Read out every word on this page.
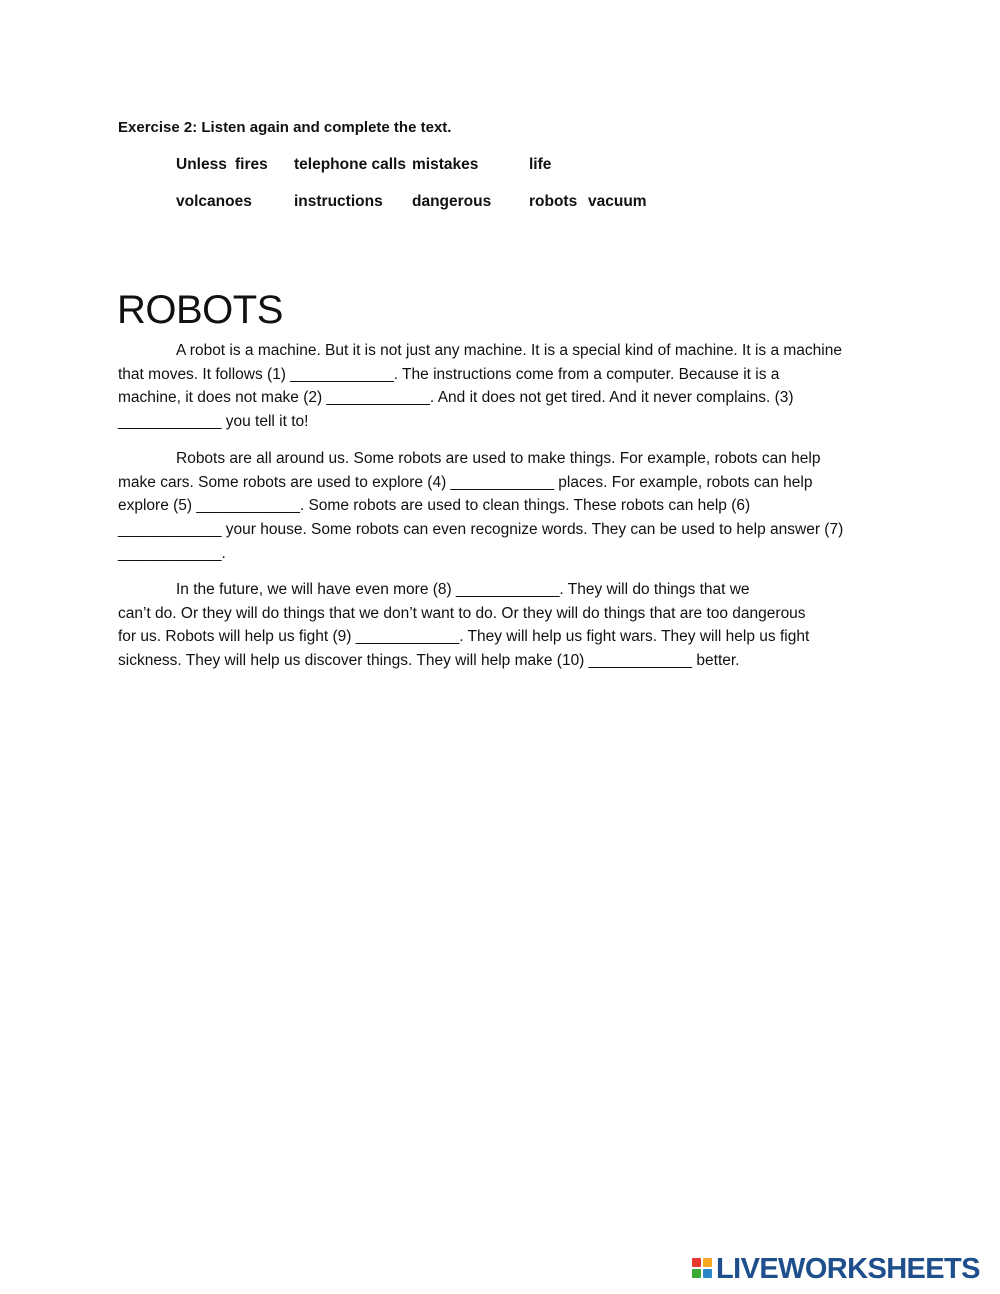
Exercise 2: Listen again and complete the text.
Unless fires telephone calls mistakes	life
volcanoes	instructions dangerous robots vacuum
ROBOTS
A robot is a machine. But it is not just any machine. It is a special kind of machine. It is a machine
that moves. It follows (1) ____________. The instructions come from a computer. Because it is a
machine, it does not make (2) ____________. And it does not get tired. And it never complains. (3)
____________ you tell it to!
Robots are all around us. Some robots are used to make things. For example, robots can help
make cars. Some robots are used to explore (4) ____________ places. For example, robots can help
explore (5) ____________. Some robots are used to clean things. These robots can help (6)
____________ your house. Some robots can even recognize words. They can be used to help answer (7)
____________.
In the future, we will have even more (8) ____________. They will do things that we
can’t do. Or they will do things that we don’t want to do. Or they will do things that are too dangerous
for us. Robots will help us fight (9) ____________. They will help us fight wars. They will help us fight
sickness. They will help us discover things. They will help make (10) ____________ better.
LIVEWORKSHEETS
